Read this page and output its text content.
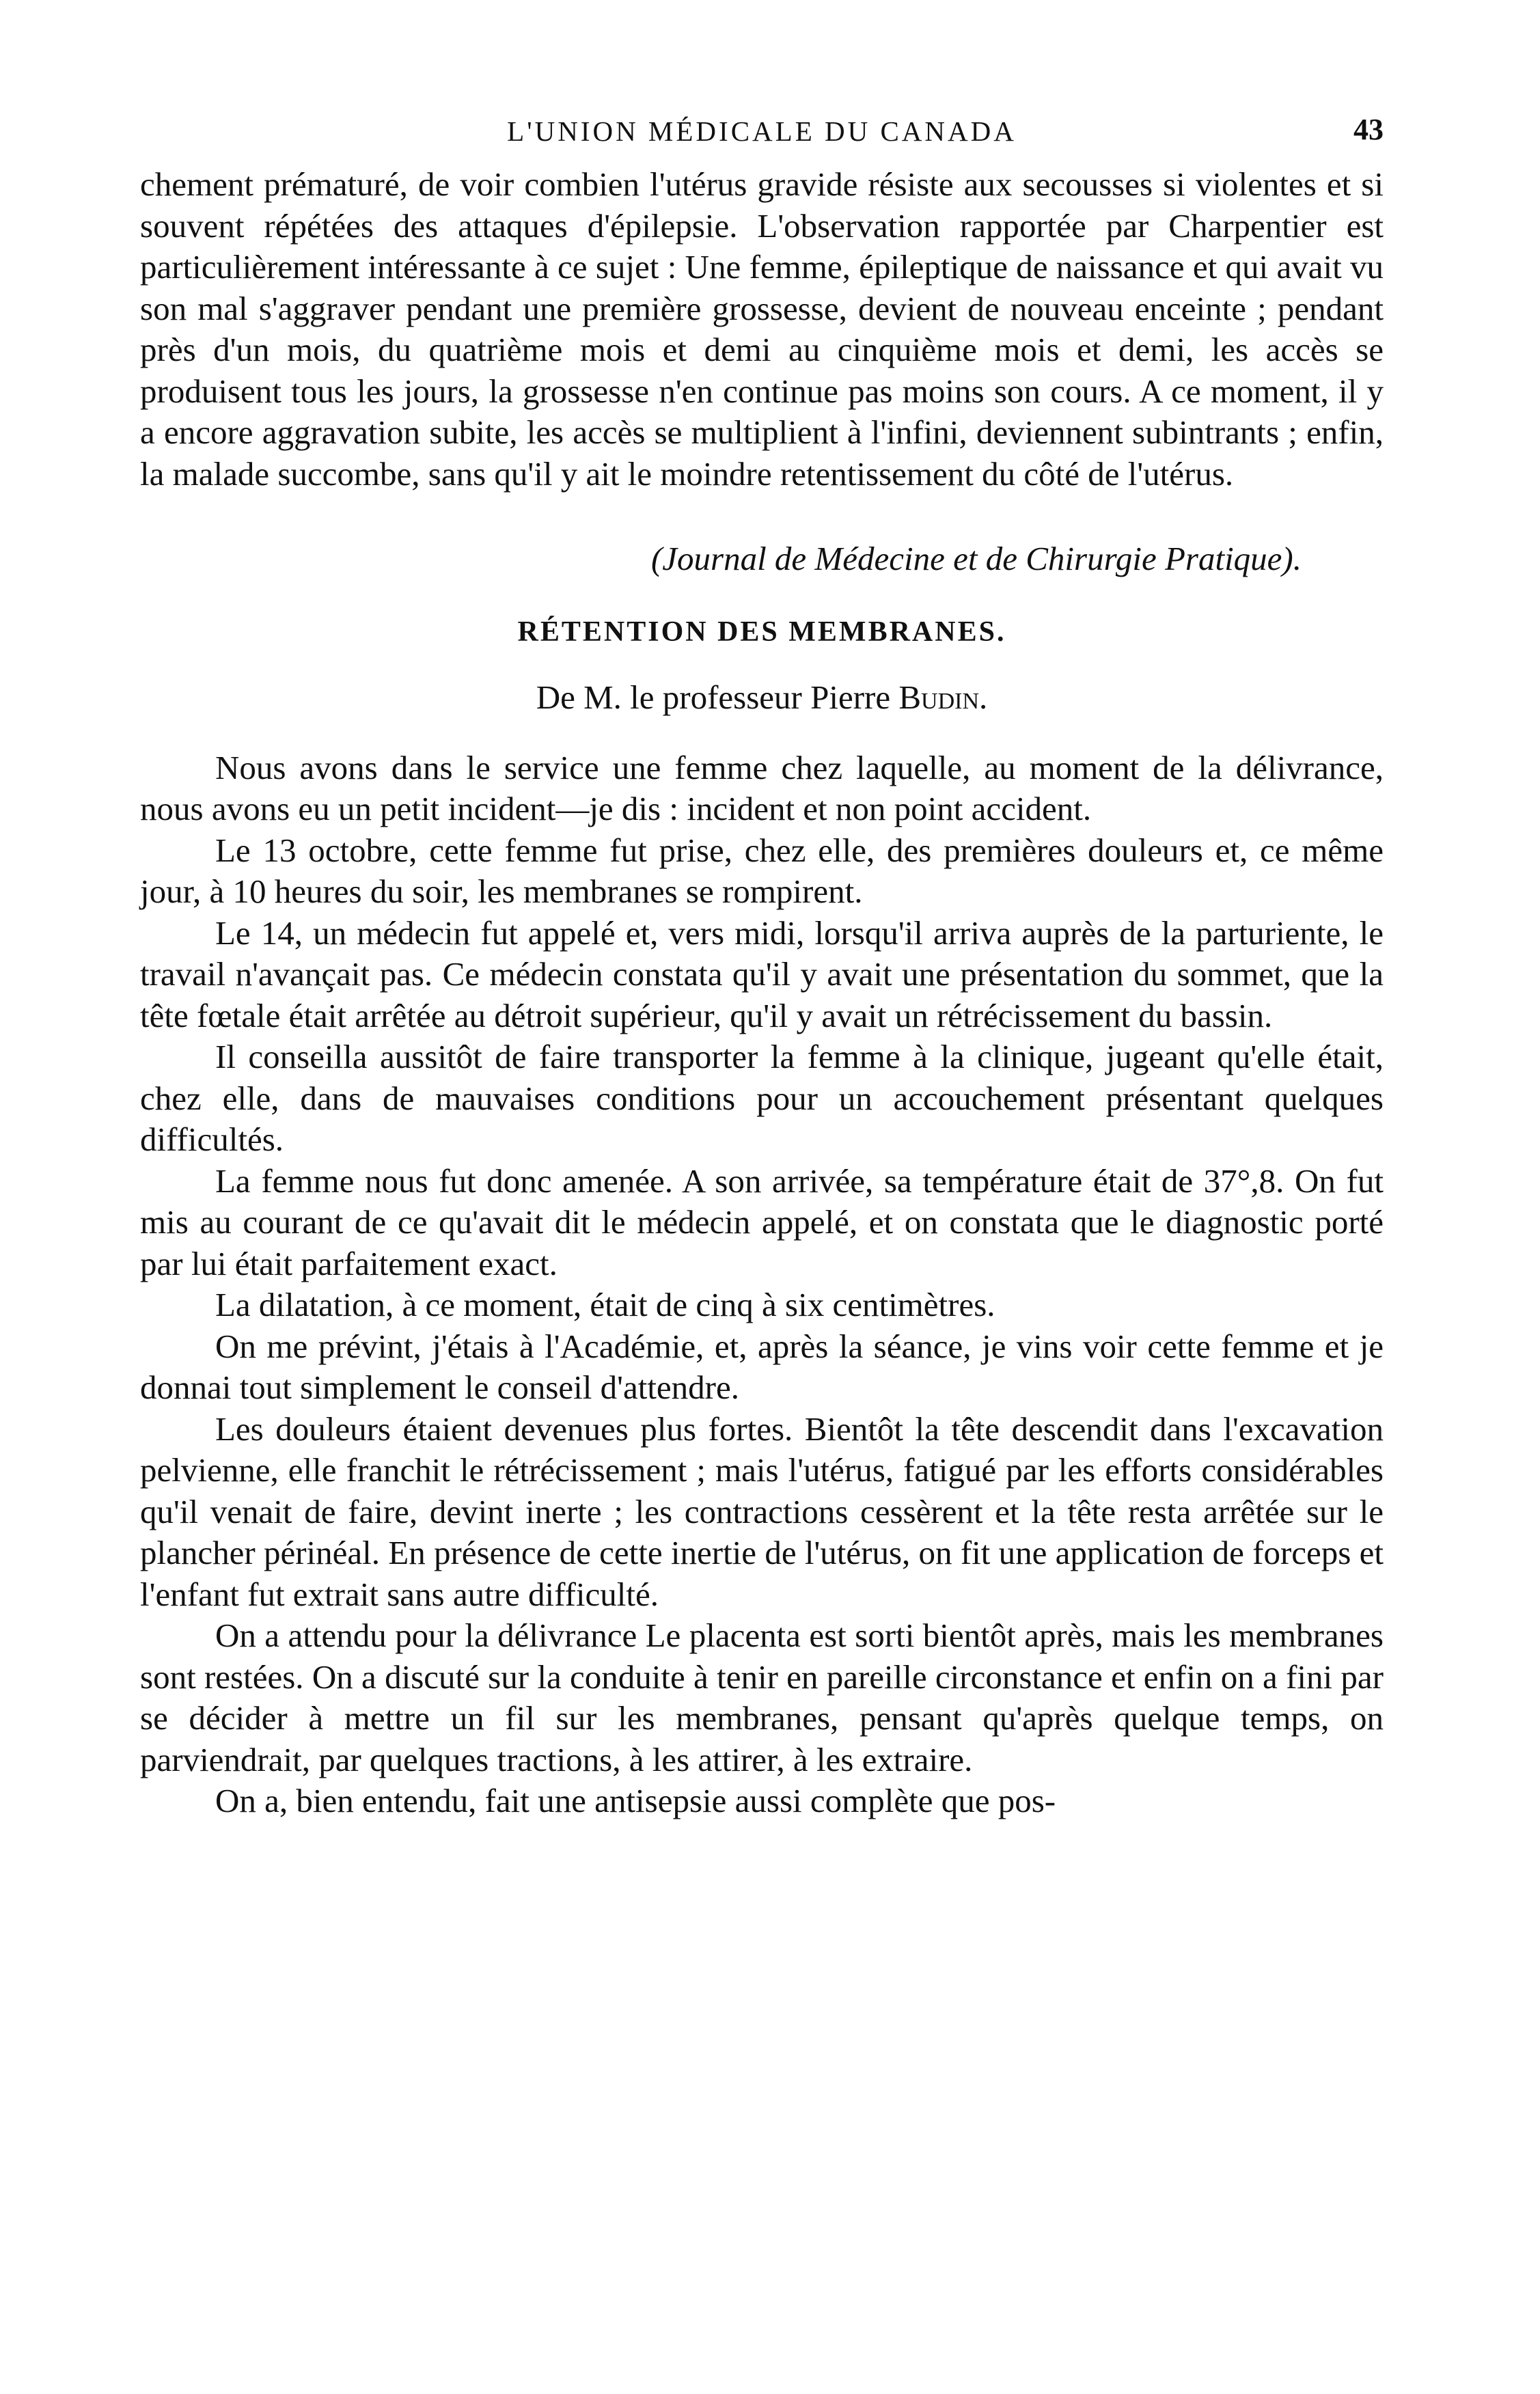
L'UNION MÉDICALE DU CANADA	43

chement prématuré, de voir combien l'utérus gravide résiste aux secousses si violentes et si souvent répétées des attaques d'épilepsie. L'observation rapportée par Charpentier est particulièrement intéressante à ce sujet : Une femme, épileptique de naissance et qui avait vu son mal s'aggraver pendant une première grossesse, devient de nouveau enceinte ; pendant près d'un mois, du quatrième mois et demi au cinquième mois et demi, les accès se produisent tous les jours, la grossesse n'en continue pas moins son cours. A ce moment, il y a encore aggravation subite, les accès se multiplient à l'infini, deviennent subintrants ; enfin, la malade succombe, sans qu'il y ait le moindre retentissement du côté de l'utérus.

(Journal de Médecine et de Chirurgie Pratique).

RÉTENTION DES MEMBRANES.

De M. le professeur Pierre Budin.

Nous avons dans le service une femme chez laquelle, au moment de la délivrance, nous avons eu un petit incident—je dis : incident et non point accident.

Le 13 octobre, cette femme fut prise, chez elle, des premières douleurs et, ce même jour, à 10 heures du soir, les membranes se rompirent.

Le 14, un médecin fut appelé et, vers midi, lorsqu'il arriva auprès de la parturiente, le travail n'avançait pas. Ce médecin constata qu'il y avait une présentation du sommet, que la tête fœtale était arrêtée au détroit supérieur, qu'il y avait un rétrécissement du bassin.

Il conseilla aussitôt de faire transporter la femme à la clinique, jugeant qu'elle était, chez elle, dans de mauvaises conditions pour un accouchement présentant quelques difficultés.

La femme nous fut donc amenée. A son arrivée, sa température était de 37°,8. On fut mis au courant de ce qu'avait dit le médecin appelé, et on constata que le diagnostic porté par lui était parfaitement exact.

La dilatation, à ce moment, était de cinq à six centimètres.

On me prévint, j'étais à l'Académie, et, après la séance, je vins voir cette femme et je donnai tout simplement le conseil d'attendre.

Les douleurs étaient devenues plus fortes. Bientôt la tête descendit dans l'excavation pelvienne, elle franchit le rétrécissement ; mais l'utérus, fatigué par les efforts considérables qu'il venait de faire, devint inerte ; les contractions cessèrent et la tête resta arrêtée sur le plancher périnéal. En présence de cette inertie de l'utérus, on fit une application de forceps et l'enfant fut extrait sans autre difficulté.

On a attendu pour la délivrance Le placenta est sorti bientôt après, mais les membranes sont restées. On a discuté sur la conduite à tenir en pareille circonstance et enfin on a fini par se décider à mettre un fil sur les membranes, pensant qu'après quelque temps, on parviendrait, par quelques tractions, à les attirer, à les extraire.

On a, bien entendu, fait une antisepsie aussi complète que pos-
